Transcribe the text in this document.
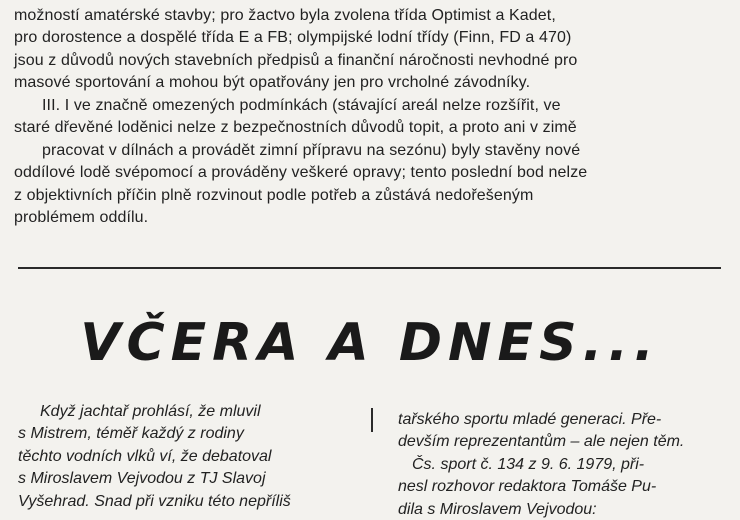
možností amatérské stavby; pro žactvo byla zvolena třída Optimist a Kadet,
pro dorostence a dospělé třída E a FB; olympijské lodní třídy (Finn, FD a 470)
jsou z důvodů nových stavebních předpisů a finanční náročnosti nevhodné pro
masové sportování a mohou být opatřovány jen pro vrcholné závodníky.
III. I ve značně omezených podmínkách (stávající areál nelze rozšířit, ve
staré dřevěné loděnici nelze z bezpečnostních důvodů topit, a proto ani v zimě
pracovat v dílnách a provádět zimní přípravu na sezónu) byly stavěny nové
oddílové lodě svépomocí a prováděny veškeré opravy; tento poslední bod nelze
z objektivních příčin plně rozvinout podle potřeb a zůstává nedořešeným
problémem oddílu.
VČERA A DNES...
Když jachtař prohlásí, že mluvil
s Mistrem, téměř každý z rodiny
těchto vodních vlků ví, že debatoval
s Miroslavem Vejvodou z TJ Slavoj
Vyšehrad. Snad při vzniku této nepříliš
tařského sportu mladé generaci. Pře-
devším reprezentantům – ale nejen těm.
Čs. sport č. 134 z 9. 6. 1979, při-
nesl rozhovor redaktora Tomáše Pu-
dila s Miroslavem Vejvodou:
